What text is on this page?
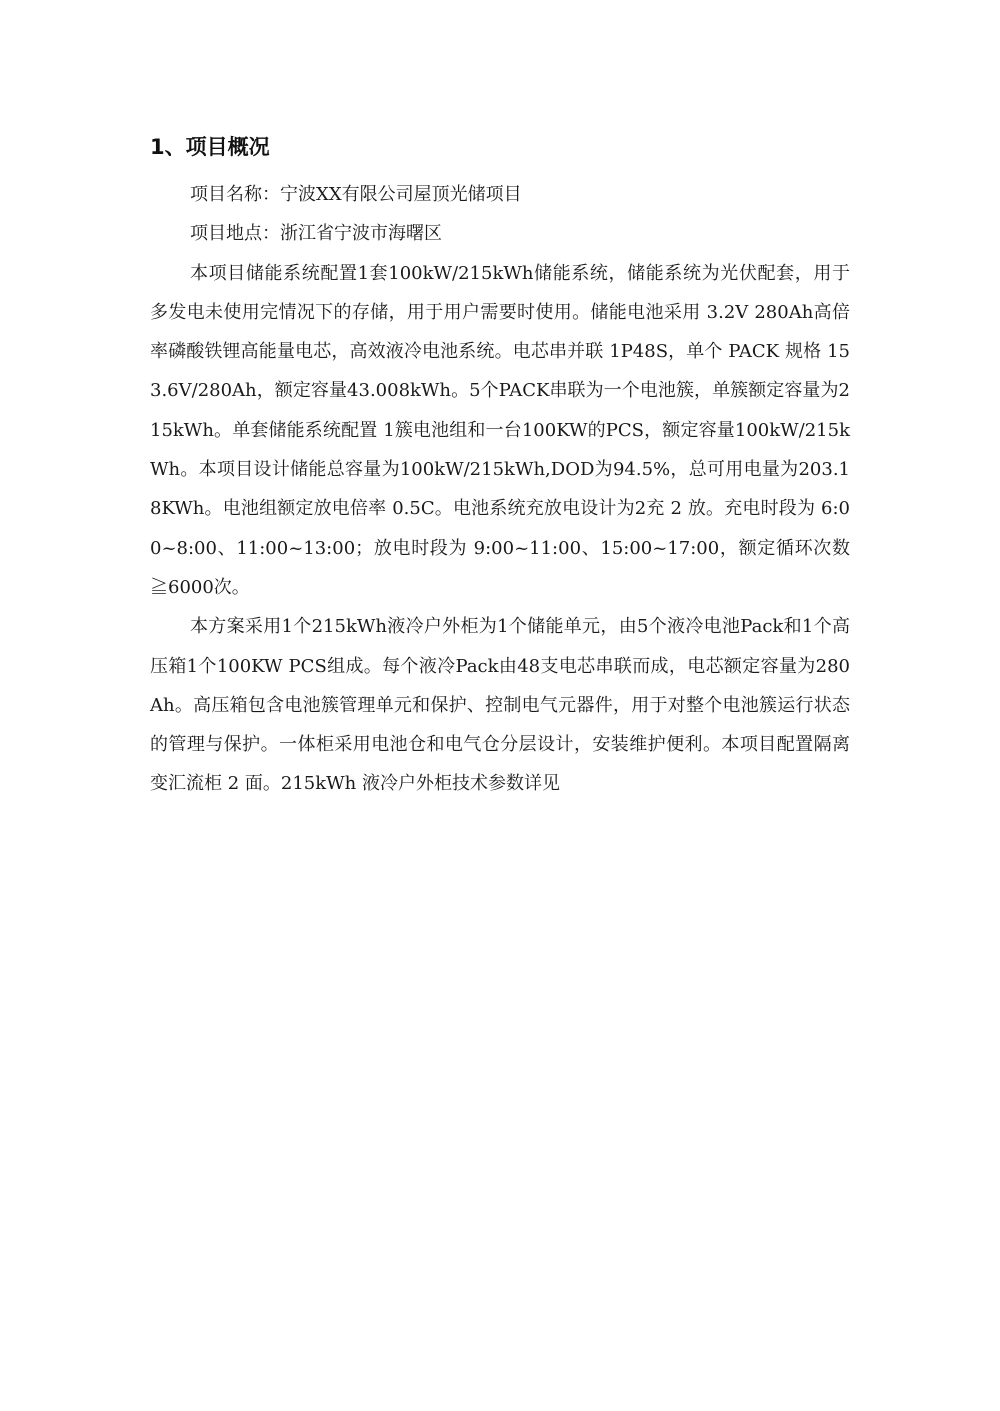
1、项目概况

项目名称：宁波XX有限公司屋顶光储项目

项目地点：浙江省宁波市海曙区

本项目储能系统配置1套100kW/215kWh储能系统，储能系统为光伏配套，用于多发电未使用完情况下的存储，用于用户需要时使用。储能电池采用 3.2V 280Ah高倍率磷酸铁锂高能量电芯，高效液冷电池系统。电芯串并联 1P48S，单个 PACK 规格 153.6V/280Ah，额定容量43.008kWh。5个PACK串联为一个电池簇，单簇额定容量为215kWh。单套储能系统配置 1簇电池组和一台100KW的PCS，额定容量100kW/215kWh。本项目设计储能总容量为100kW/215kWh,DOD为94.5%，总可用电量为203.18KWh。电池组额定放电倍率 0.5C。电池系统充放电设计为2充 2 放。充电时段为 6:00~8:00、11:00~13:00；放电时段为 9:00~11:00、15:00~17:00，额定循环次数≧6000次。

本方案采用1个215kWh液冷户外柜为1个储能单元，由5个液冷电池Pack和1个高压箱1个100KW PCS组成。每个液冷Pack由48支电芯串联而成，电芯额定容量为280Ah。高压箱包含电池簇管理单元和保护、控制电气元器件，用于对整个电池簇运行状态的管理与保护。一体柜采用电池仓和电气仓分层设计，安装维护便利。本项目配置隔离变汇流柜 2 面。215kWh 液冷户外柜技术参数详见
